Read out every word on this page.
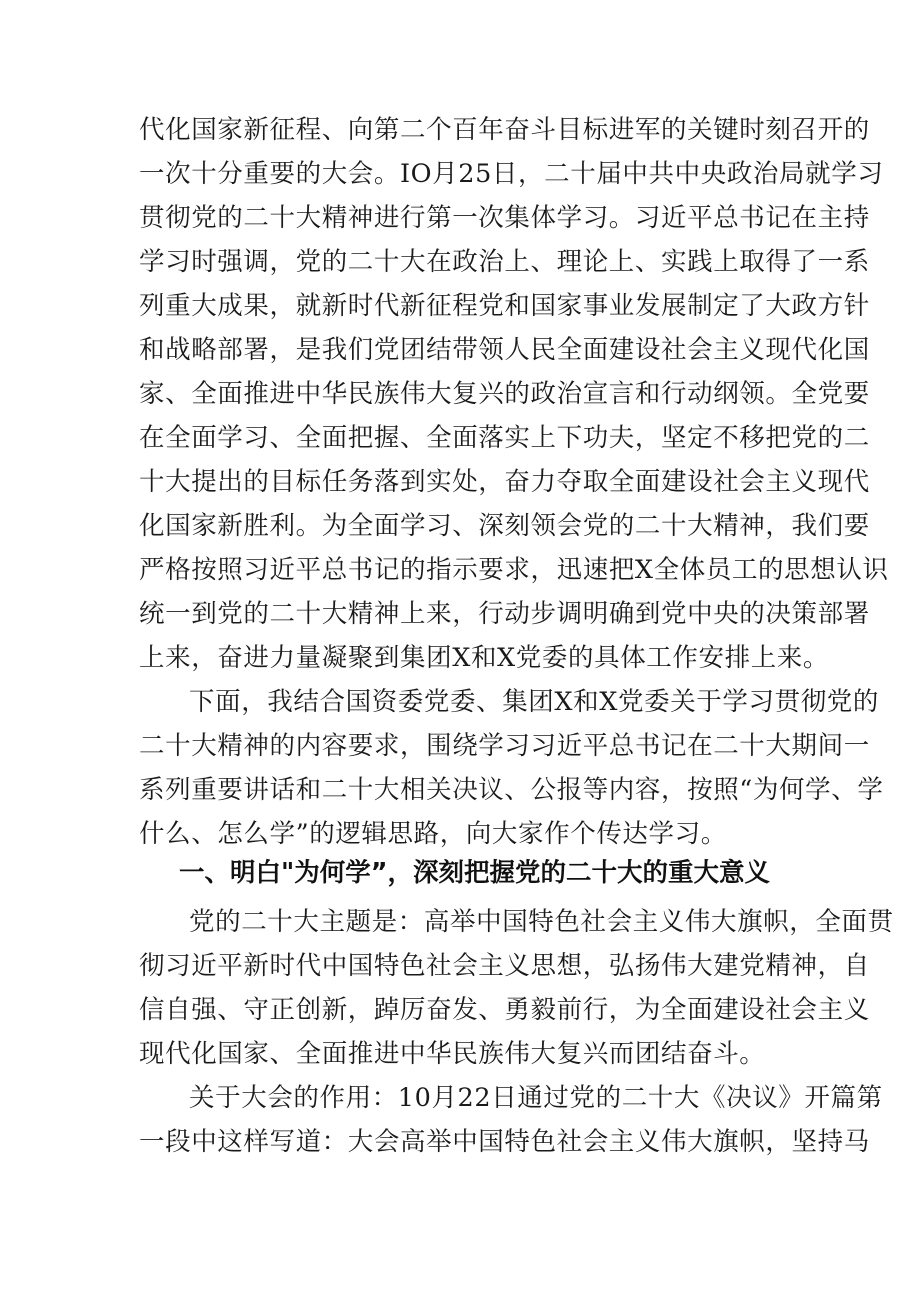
代化国家新征程、向第二个百年奋斗目标进军的关键时刻召开的
一次十分重要的大会。IO月25日，二十届中共中央政治局就学习
贯彻党的二十大精神进行第一次集体学习。习近平总书记在主持
学习时强调，党的二十大在政治上、理论上、实践上取得了一系
列重大成果，就新时代新征程党和国家事业发展制定了大政方针
和战略部署，是我们党团结带领人民全面建设社会主义现代化国
家、全面推进中华民族伟大复兴的政治宣言和行动纲领。全党要
在全面学习、全面把握、全面落实上下功夫，坚定不移把党的二
十大提出的目标任务落到实处，奋力夺取全面建设社会主义现代
化国家新胜利。为全面学习、深刻领会党的二十大精神，我们要
严格按照习近平总书记的指示要求，迅速把X全体员工的思想认识
统一到党的二十大精神上来，行动步调明确到党中央的决策部署
上来，奋进力量凝聚到集团X和X党委的具体工作安排上来。
下面，我结合国资委党委、集团X和X党委关于学习贯彻党的
二十大精神的内容要求，围绕学习习近平总书记在二十大期间一
系列重要讲话和二十大相关决议、公报等内容，按照“为何学、学
什么、怎么学”的逻辑思路，向大家作个传达学习。
党的二十大主题是：高举中国特色社会主义伟大旗帜，全面贯
彻习近平新时代中国特色社会主义思想，弘扬伟大建党精神，自
信自强、守正创新，踔厉奋发、勇毅前行，为全面建设社会主义
现代化国家、全面推进中华民族伟大复兴而团结奋斗。
关于大会的作用：10月22日通过党的二十大《决议》开篇第
一段中这样写道：大会高举中国特色社会主义伟大旗帜，坚持马
一、明白"为何学”，深刻把握党的二十大的重大意义
